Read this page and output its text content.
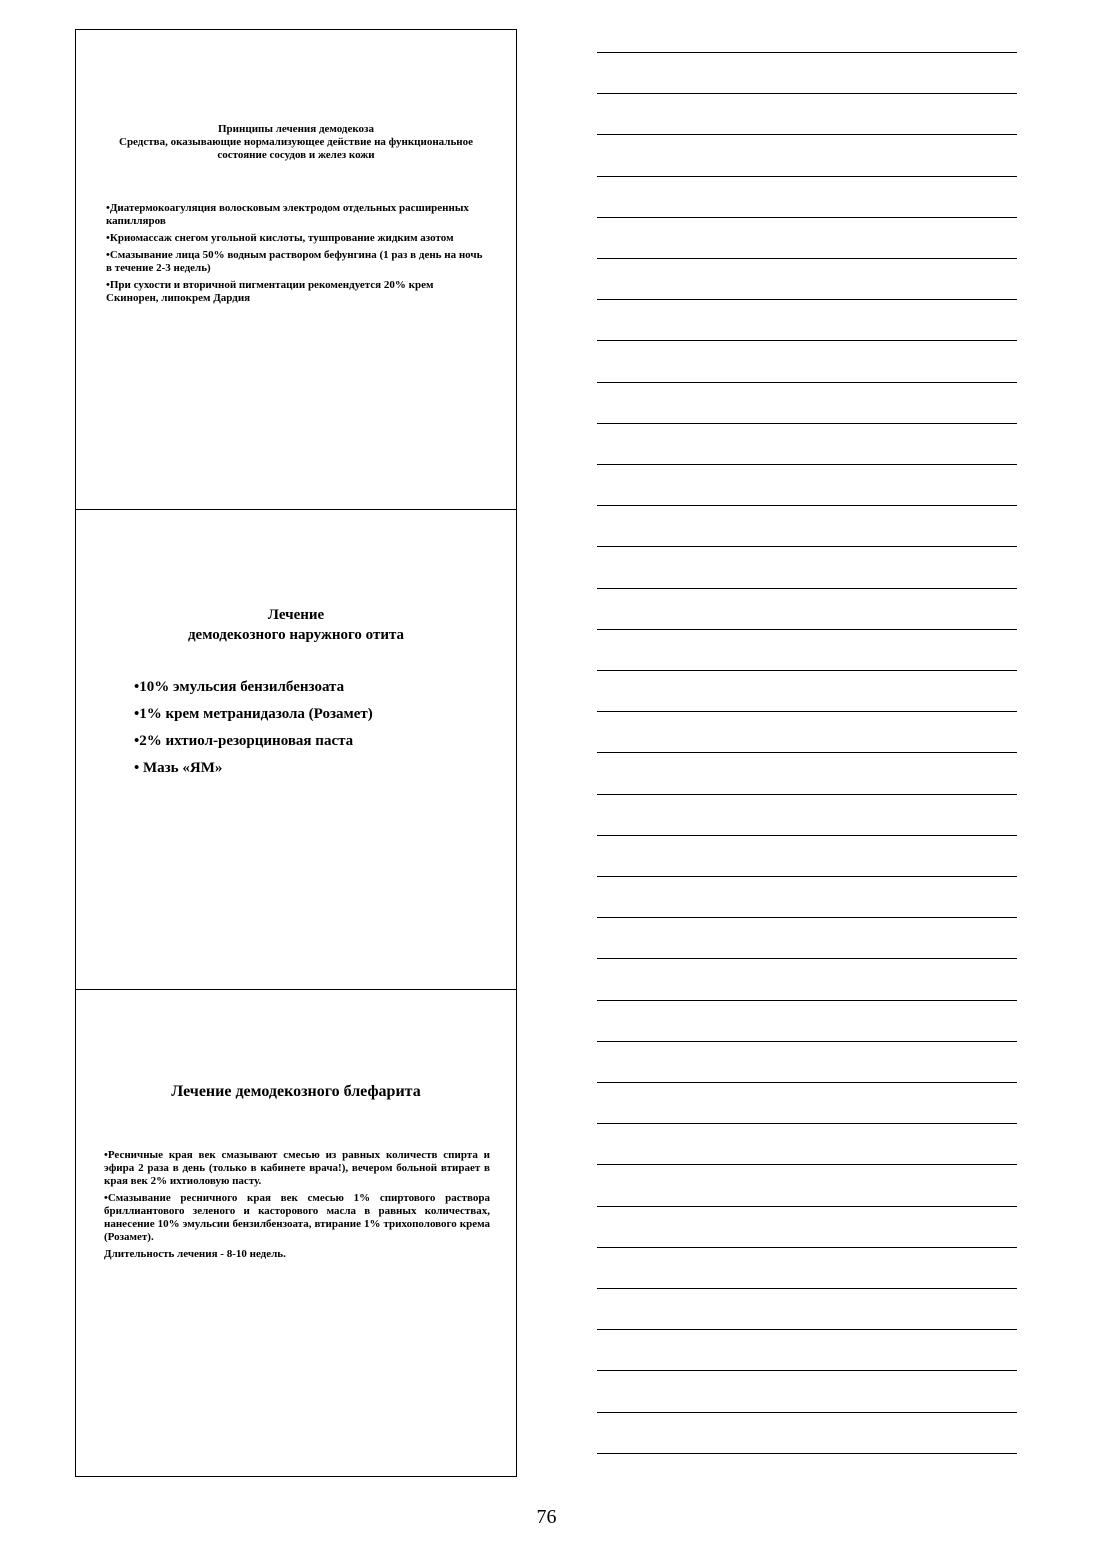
Принципы лечения демодекоза
Средства, оказывающие нормализующее действие на функциональное состояние сосудов и желез кожи
•Диатермокоагуляция волосковым электродом отдельных расширенных капилляров
•Криомассаж снегом угольной кислоты, тушпрование жидким азотом
•Смазывание лица 50% водным раствором бефунгина (1 раз в день на ночь в течение 2-3 недель)
•При сухости и вторичной пигментации рекомендуется 20% крем Скинорен, липокрем Дардия
Лечение
демодекозного наружного отита
•10% эмульсия бензилбензоата
•1% крем метранидазола (Розамет)
•2% ихтиол-резорциновая паста
• Мазь «ЯМ»
Лечение демодекозного блефарита
•Ресничные края век смазывают смесью из равных количеств спирта и эфира 2 раза в день (только в кабинете врача!), вечером больной втирает в края век 2% ихтиоловую пасту.
•Смазывание ресничного края век смесью 1% спиртового раствора бриллиантового зеленого и касторового масла в равных количествах, нанесение 10% эмульсии бензилбензоата, втирание 1% трихополового крема (Розамет).
Длительность лечения - 8-10 недель.
76
